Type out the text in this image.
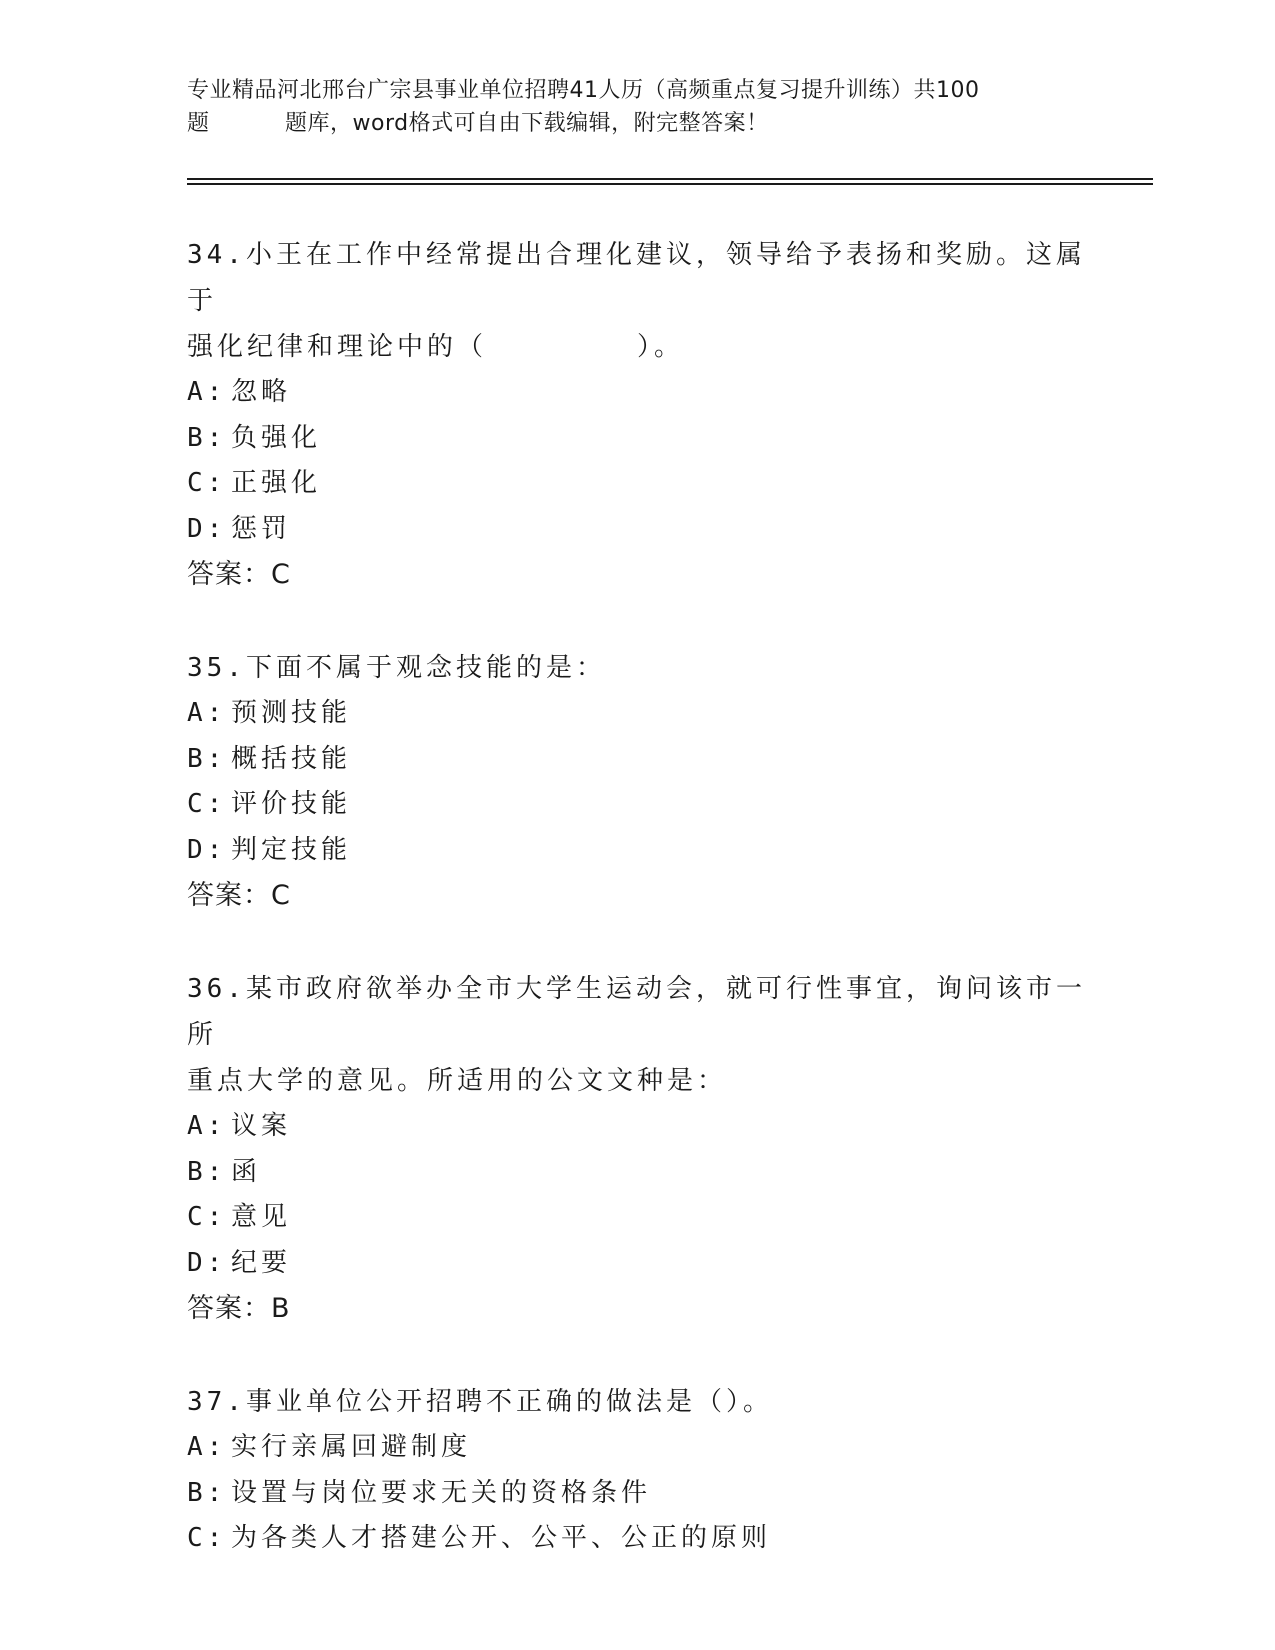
专业精品河北邢台广宗县事业单位招聘41人历（高频重点复习提升训练）共100
题	题库，word格式可自由下载编辑，附完整答案！
34.小王在工作中经常提出合理化建议，领导给予表扬和奖励。这属于
强化纪律和理论中的（　　　　　）。
A: 忽略
B: 负强化
C: 正强化
D: 惩罚
答案：C
35.下面不属于观念技能的是：
A: 预测技能
B: 概括技能
C: 评价技能
D: 判定技能
答案：C
36.某市政府欲举办全市大学生运动会，就可行性事宜，询问该市一所
重点大学的意见。所适用的公文文种是：
A: 议案
B: 函
C: 意见
D: 纪要
答案：B
37.事业单位公开招聘不正确的做法是（）。
A: 实行亲属回避制度
B: 设置与岗位要求无关的资格条件
C: 为各类人才搭建公开、公平、公正的原则
